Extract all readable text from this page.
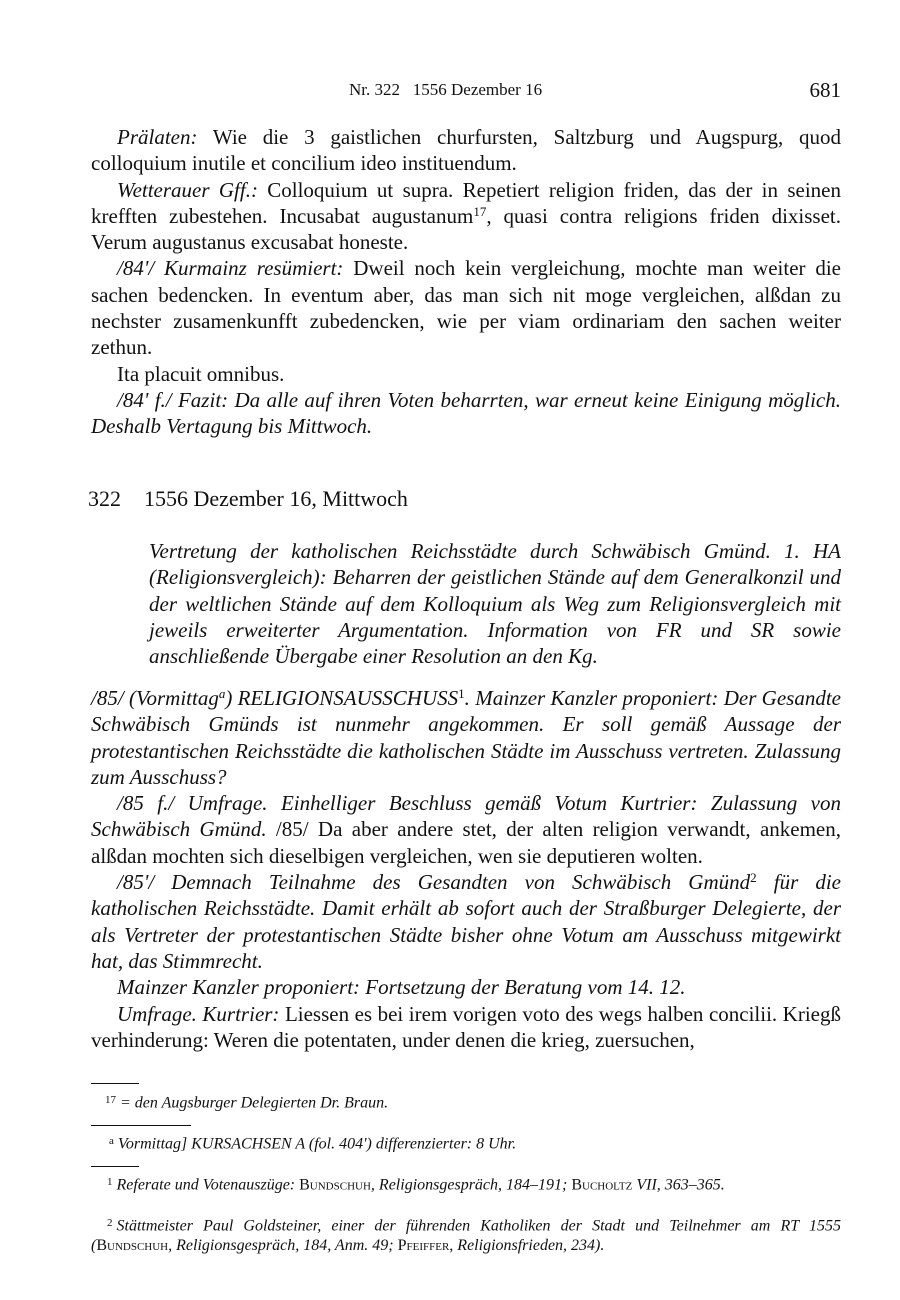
Nr. 322   1556 Dezember 16	681

Prälaten: Wie die 3 gaistlichen churfursten, Saltzburg und Augspurg, quod colloquium inutile et concilium ideo instituendum.

Wetterauer Gff.: Colloquium ut supra. Repetiert religion friden, das der in seinen krefften zubestehen. Incusabat augustanum$^{17}$, quasi contra religions friden dixisset. Verum augustanus excusabat honeste.

/84'/ Kurmainz resümiert: Dweil noch kein vergleichung, mochte man weiter die sachen bedencken. In eventum aber, das man sich nit moge vergleichen, alßdan zu nechster zusamenkunfft zubedencken, wie per viam ordinariam den sachen weiter zethun.

Ita placuit omnibus.

/84' f./ Fazit: Da alle auf ihren Voten beharrten, war erneut keine Einigung möglich. Deshalb Vertagung bis Mittwoch.

322 1556 Dezember 16, Mittwoch
Vertretung der katholischen Reichsstädte durch Schwäbisch Gmünd. 1. HA (Religionsvergleich): Beharren der geistlichen Stände auf dem Generalkonzil und der weltlichen Stände auf dem Kolloquium als Weg zum Religionsvergleich mit jeweils erweiterter Argumentation. Information von FR und SR sowie anschließende Übergabe einer Resolution an den Kg.

/85/ (Vormittag$^a$) RELIGIONSAUSSCHUSS$^1$. Mainzer Kanzler proponiert: Der Gesandte Schwäbisch Gmünds ist nunmehr angekommen. Er soll gemäß Aussage der protestantischen Reichsstädte die katholischen Städte im Ausschuss vertreten. Zulassung zum Ausschuss?

/85 f./ Umfrage. Einhelliger Beschluss gemäß Votum Kurtrier: Zulassung von Schwäbisch Gmünd. /85/ Da aber andere stet, der alten religion verwandt, ankemen, alßdan mochten sich dieselbigen vergleichen, wen sie deputieren wolten.

/85'/ Demnach Teilnahme des Gesandten von Schwäbisch Gmünd$^2$ für die katholischen Reichsstädte. Damit erhält ab sofort auch der Straßburger Delegierte, der als Vertreter der protestantischen Städte bisher ohne Votum am Ausschuss mitgewirkt hat, das Stimmrecht.

Mainzer Kanzler proponiert: Fortsetzung der Beratung vom 14. 12.

Umfrage. Kurtrier: Liessen es bei irem vorigen voto des wegs halben concilii. Kriegß verhinderung: Weren die potentaten, under denen die krieg, zuersuchen,

$^{17}$ = den Augsburger Delegierten Dr. Braun.
$^a$ Vormittag] KURSACHSEN A (fol. 404') differenzierter: 8 Uhr.
$^1$ Referate und Votenauszüge: Bundschuh, Religionsgespräch, 184–191; Bucholtz VII, 363–365.
$^2$ Stättmeister Paul Goldsteiner, einer der führenden Katholiken der Stadt und Teilnehmer am RT 1555 (Bundschuh, Religionsgespräch, 184, Anm. 49; Pfeiffer, Religionsfrieden, 234).
